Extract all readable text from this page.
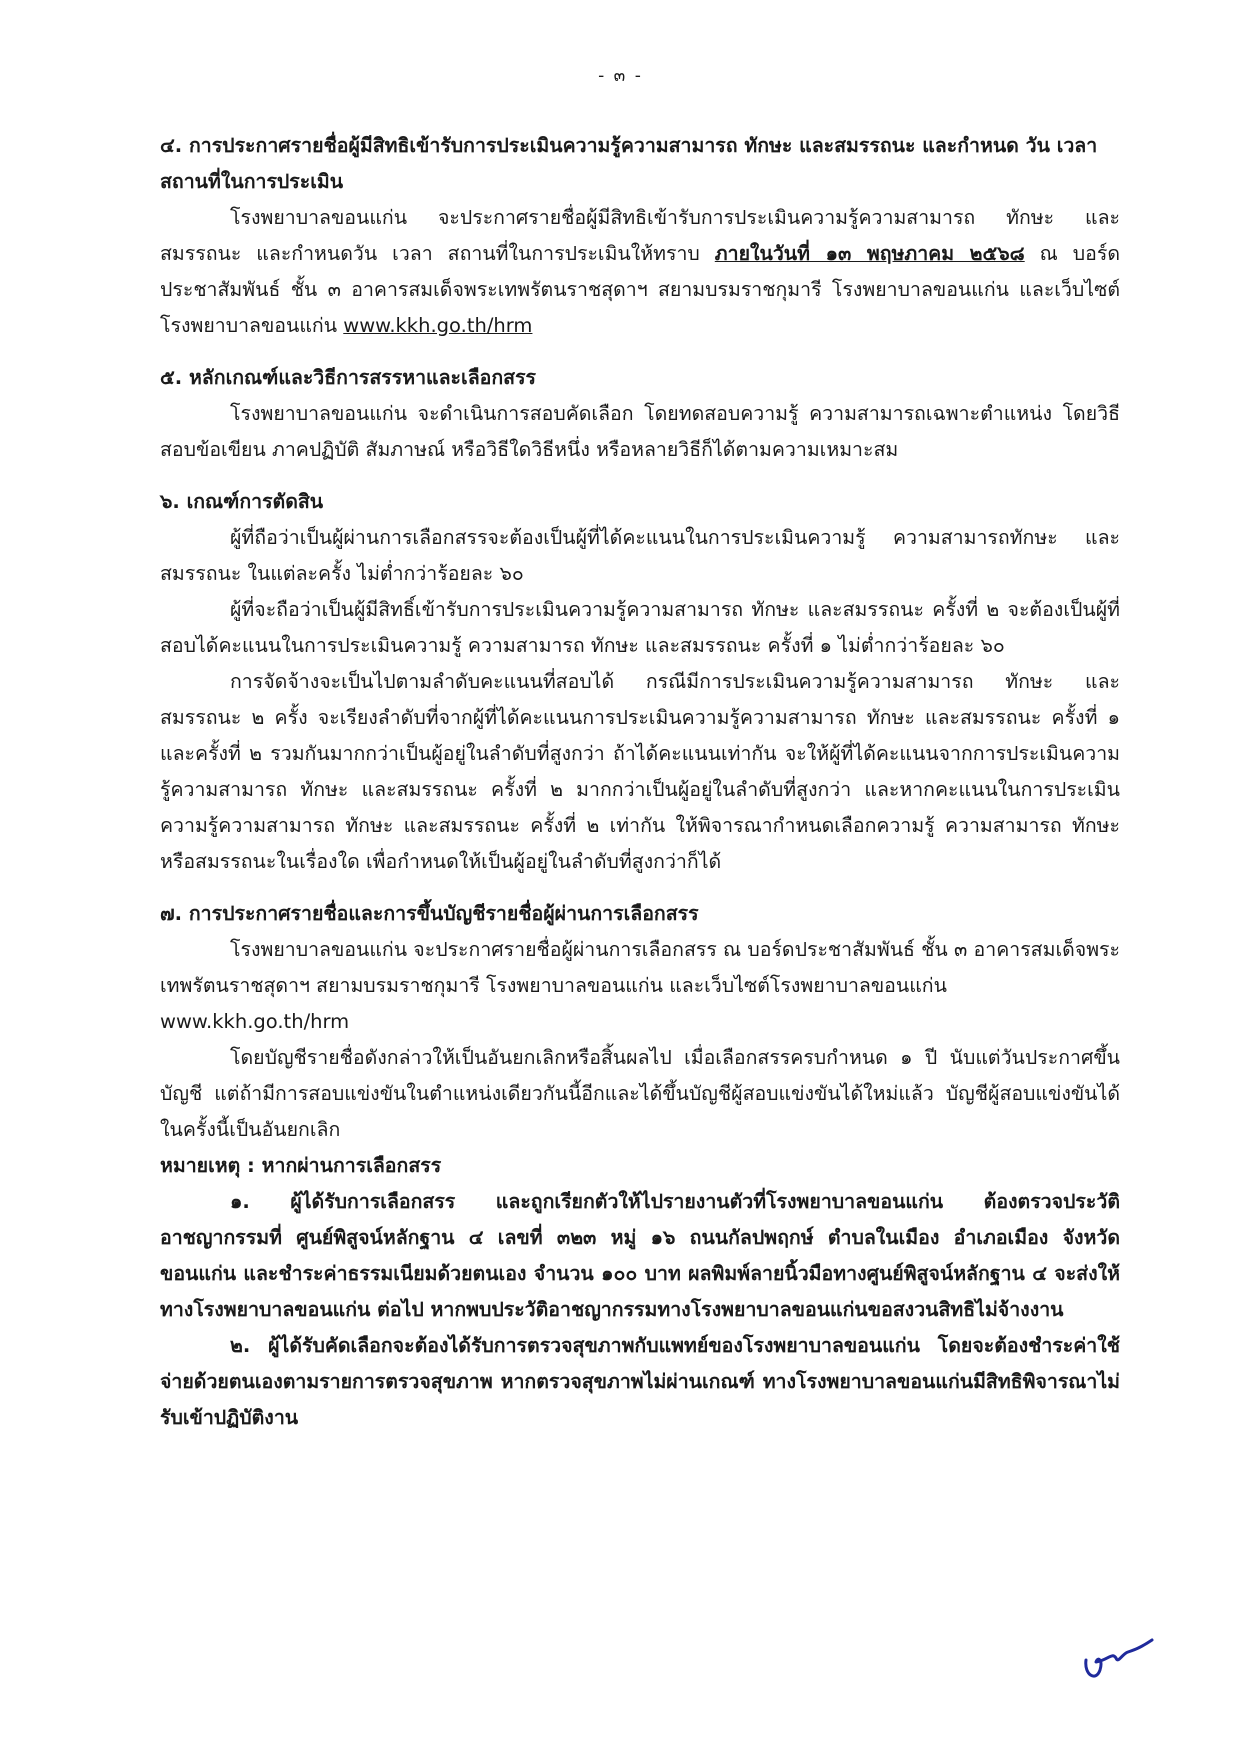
- ๓ -

๔. การประกาศรายชื่อผู้มีสิทธิเข้ารับการประเมินความรู้ความสามารถ ทักษะ และสมรรถนะ และกำหนด วัน เวลา สถานที่ในการประเมิน

โรงพยาบาลขอนแก่น จะประกาศรายชื่อผู้มีสิทธิเข้ารับการประเมินความรู้ความสามารถ ทักษะ และสมรรถนะ และกำหนดวัน เวลา สถานที่ในการประเมินให้ทราบ ภายในวันที่ ๑๓ พฤษภาคม ๒๕๖๘ ณ บอร์ดประชาสัมพันธ์ ชั้น ๓ อาคารสมเด็จพระเทพรัตนราชสุดาฯ สยามบรมราชกุมารี โรงพยาบาลขอนแก่น และเว็บไซต์โรงพยาบาลขอนแก่น www.kkh.go.th/hrm

๕. หลักเกณฑ์และวิธีการสรรหาและเลือกสรร

โรงพยาบาลขอนแก่น จะดำเนินการสอบคัดเลือก โดยทดสอบความรู้ ความสามารถเฉพาะตำแหน่ง โดยวิธีสอบข้อเขียน ภาคปฏิบัติ สัมภาษณ์ หรือวิธีใดวิธีหนึ่ง หรือหลายวิธีก็ได้ตามความเหมาะสม

๖. เกณฑ์การตัดสิน

ผู้ที่ถือว่าเป็นผู้ผ่านการเลือกสรรจะต้องเป็นผู้ที่ได้คะแนนในการประเมินความรู้ ความสามารถทักษะ และสมรรถนะ ในแต่ละครั้ง ไม่ต่ำกว่าร้อยละ ๖๐

ผู้ที่จะถือว่าเป็นผู้มีสิทธิ์เข้ารับการประเมินความรู้ความสามารถ ทักษะ และสมรรถนะ ครั้งที่ ๒ จะต้องเป็นผู้ที่สอบได้คะแนนในการประเมินความรู้ ความสามารถ ทักษะ และสมรรถนะ ครั้งที่ ๑ ไม่ต่ำกว่าร้อยละ ๖๐

การจัดจ้างจะเป็นไปตามลำดับคะแนนที่สอบได้ กรณีมีการประเมินความรู้ความสามารถ ทักษะ และสมรรถนะ ๒ ครั้ง จะเรียงลำดับที่จากผู้ที่ได้คะแนนการประเมินความรู้ความสามารถ ทักษะ และสมรรถนะ ครั้งที่ ๑ และครั้งที่ ๒ รวมกันมากกว่าเป็นผู้อยู่ในลำดับที่สูงกว่า ถ้าได้คะแนนเท่ากัน จะให้ผู้ที่ได้คะแนนจากการประเมินความรู้ความสามารถ ทักษะ และสมรรถนะ ครั้งที่ ๒ มากกว่าเป็นผู้อยู่ในลำดับที่สูงกว่า และหากคะแนนในการประเมินความรู้ความสามารถ ทักษะ และสมรรถนะ ครั้งที่ ๒ เท่ากัน ให้พิจารณากำหนดเลือกความรู้ ความสามารถ ทักษะ หรือสมรรถนะในเรื่องใด เพื่อกำหนดให้เป็นผู้อยู่ในลำดับที่สูงกว่าก็ได้

๗. การประกาศรายชื่อและการขึ้นบัญชีรายชื่อผู้ผ่านการเลือกสรร

โรงพยาบาลขอนแก่น จะประกาศรายชื่อผู้ผ่านการเลือกสรร ณ บอร์ดประชาสัมพันธ์ ชั้น ๓ อาคารสมเด็จพระเทพรัตนราชสุดาฯ สยามบรมราชกุมารี โรงพยาบาลขอนแก่น และเว็บไซต์โรงพยาบาลขอนแก่น

www.kkh.go.th/hrm

โดยบัญชีรายชื่อดังกล่าวให้เป็นอันยกเลิกหรือสิ้นผลไป เมื่อเลือกสรรครบกำหนด ๑ ปี นับแต่วันประกาศขึ้นบัญชี แต่ถ้ามีการสอบแข่งขันในตำแหน่งเดียวกันนี้อีกและได้ขึ้นบัญชีผู้สอบแข่งขันได้ใหม่แล้ว บัญชีผู้สอบแข่งขันได้ในครั้งนี้เป็นอันยกเลิก

หมายเหตุ : หากผ่านการเลือกสรร

๑. ผู้ได้รับการเลือกสรร และถูกเรียกตัวให้ไปรายงานตัวที่โรงพยาบาลขอนแก่น ต้องตรวจประวัติอาชญากรรมที่ ศูนย์พิสูจน์หลักฐาน ๔ เลขที่ ๓๒๓ หมู่ ๑๖ ถนนกัลปพฤกษ์ ตำบลในเมือง อำเภอเมือง จังหวัดขอนแก่น และชำระค่าธรรมเนียมด้วยตนเอง จำนวน ๑๐๐ บาท ผลพิมพ์ลายนิ้วมือทางศูนย์พิสูจน์หลักฐาน ๔ จะส่งให้ทางโรงพยาบาลขอนแก่น ต่อไป หากพบประวัติอาชญากรรมทางโรงพยาบาลขอนแก่นขอสงวนสิทธิไม่จ้างงาน

๒. ผู้ได้รับคัดเลือกจะต้องได้รับการตรวจสุขภาพกับแพทย์ของโรงพยาบาลขอนแก่น โดยจะต้องชำระค่าใช้จ่ายด้วยตนเองตามรายการตรวจสุขภาพ หากตรวจสุขภาพไม่ผ่านเกณฑ์ ทางโรงพยาบาลขอนแก่นมีสิทธิพิจารณาไม่รับเข้าปฏิบัติงาน
